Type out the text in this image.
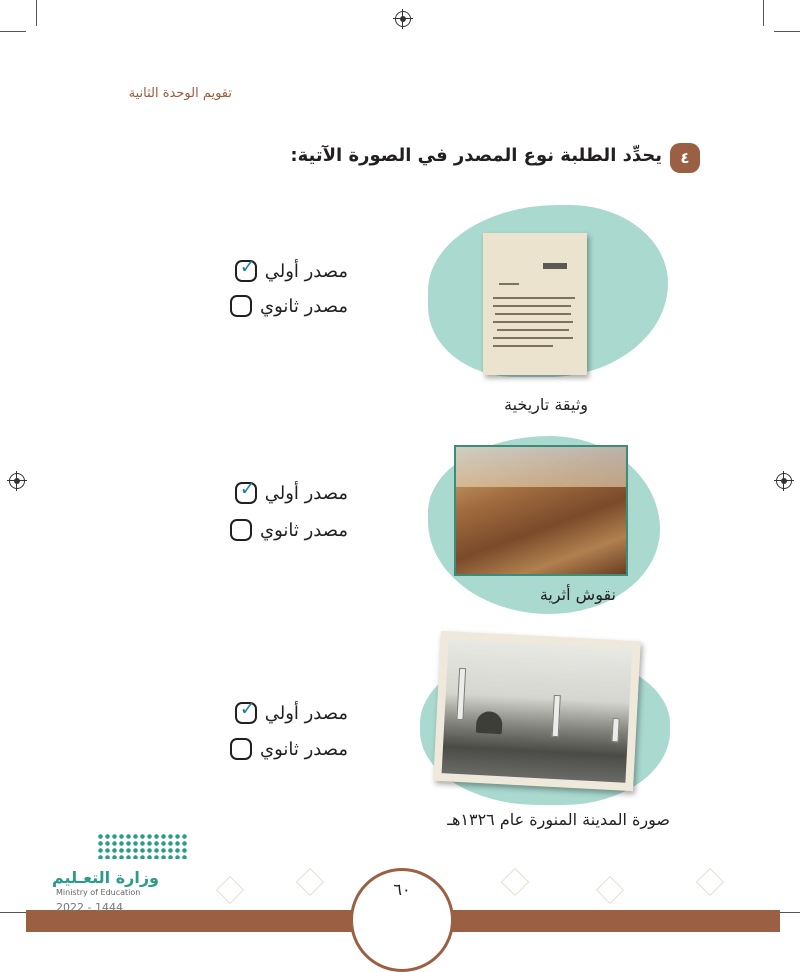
تقويم الوحدة الثانية
٤
يحدِّد الطلبة نوع المصدر في الصورة الآتية:
وثيقة تاريخية
✓ مصدر أولي
مصدر ثانوي
نقوش أثرية
✓ مصدر أولي
مصدر ثانوي
صورة المدينة المنورة عام ١٣٢٦هـ
✓ مصدر أولي
مصدر ثانوي
٦٠
وزارة التعـليم
Ministry of Education
2022 - 1444
